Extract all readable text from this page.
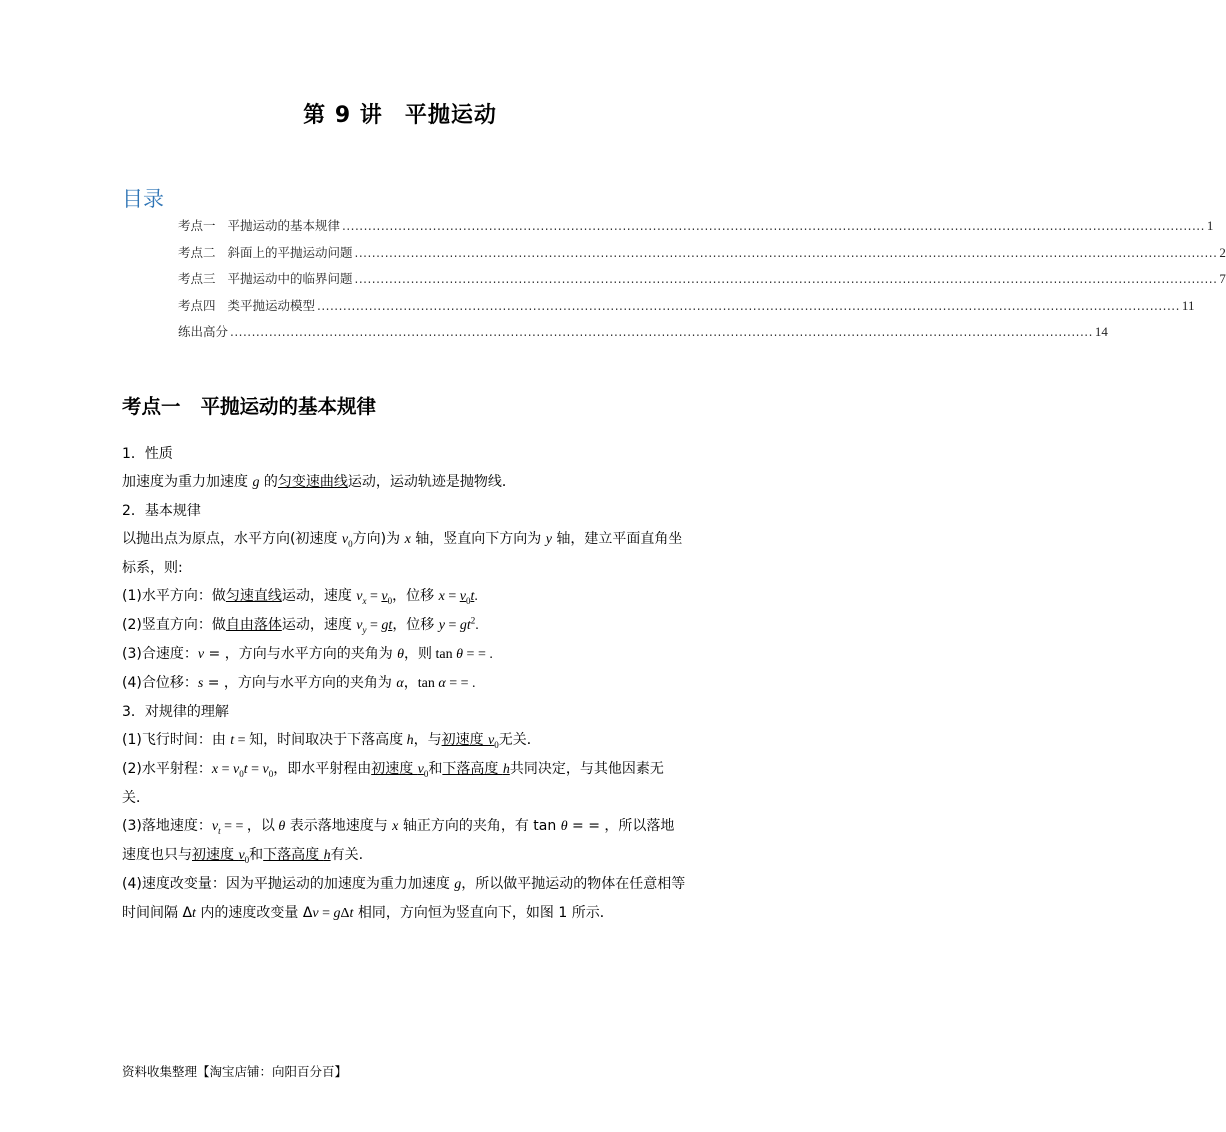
第 9 讲 平抛运动
目录
考点一 平抛运动的基本规律 ........................................................................................................................................................................................................ 1
考点二 斜面上的平抛运动问题 ........................................................................................................................................................................................................ 2
考点三 平抛运动中的临界问题 ........................................................................................................................................................................................................ 7
考点四 类平抛运动模型 ........................................................................................................................................................................................................ 11
练出高分 ........................................................................................................................................................................................................ 14
考点一 平抛运动的基本规律

1．性质

加速度为重力加速度 g 的匀变速曲线运动，运动轨迹是抛物线．

2．基本规律

以抛出点为原点，水平方向(初速度 $v_0$方向)为 x 轴，竖直向下方向为 y 轴，建立平面直角坐标系，则:

(1)水平方向：做匀速直线运动，速度 $v_x = v_0$，位移 $x = v_0t$.

(2)竖直方向：做自由落体运动，速度 $v_y$ = gt，位移 $y = gt^2$.

(3)合速度：v = ，方向与水平方向的夹角为 θ，则 tan θ = = .

(4)合位移：s = ，方向与水平方向的夹角为 α，tan α = = .

3．对规律的理解

(1)飞行时间：由 t = 知，时间取决于下落高度 h，与初速度 $v_0$无关．

(2)水平射程：$x = v_0t = v_0$，即水平射程由初速度 $v_0$和下落高度 h共同决定，与其他因素无关．

(3)落地速度：$v_t$ = = ，以 θ 表示落地速度与 x 轴正方向的夹角，有 tan θ = = ，所以落地速度也只与初速度 $v_0$和下落高度 h有关.

(4)速度改变量：因为平抛运动的加速度为重力加速度 g，所以做平抛运动的物体在任意相等时间间隔 Δt 内的速度改变量 Δv = gΔt 相同，方向恒为竖直向下，如图 1 所示．

资料收集整理【淘宝店铺：向阳百分百】
